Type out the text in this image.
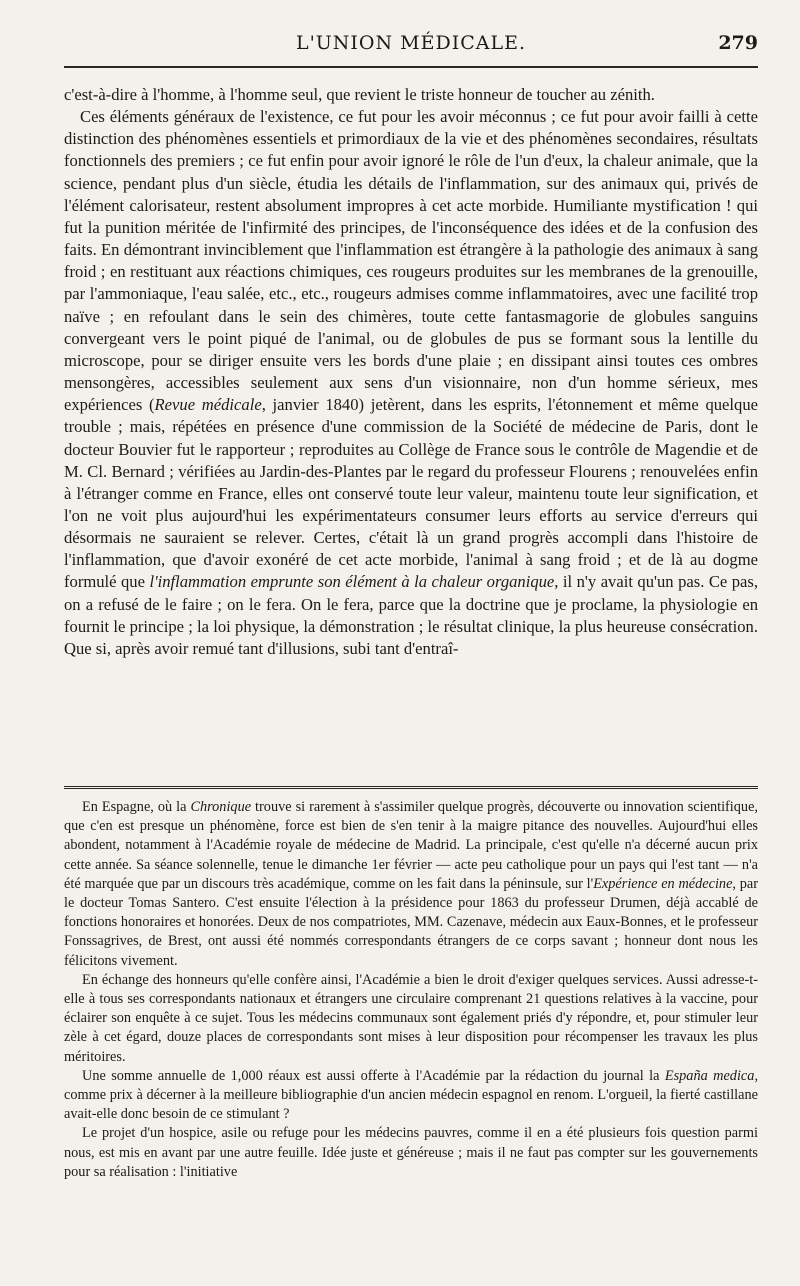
L'UNION MÉDICALE.	279

c'est-à-dire à l'homme, à l'homme seul, que revient le triste honneur de toucher au zénith.

Ces éléments généraux de l'existence, ce fut pour les avoir méconnus ; ce fut pour avoir failli à cette distinction des phénomènes essentiels et primordiaux de la vie et des phénomènes secondaires, résultats fonctionnels des premiers ; ce fut enfin pour avoir ignoré le rôle de l'un d'eux, la chaleur animale, que la science, pendant plus d'un siècle, étudia les détails de l'inflammation, sur des animaux qui, privés de l'élément calorisateur, restent absolument impropres à cet acte morbide. Humiliante mystification ! qui fut la punition méritée de l'infirmité des principes, de l'inconséquence des idées et de la confusion des faits. En démontrant invinciblement que l'inflammation est étrangère à la pathologie des animaux à sang froid ; en restituant aux réactions chimiques, ces rougeurs produites sur les membranes de la grenouille, par l'ammoniaque, l'eau salée, etc., etc., rougeurs admises comme inflammatoires, avec une facilité trop naïve ; en refoulant dans le sein des chimères, toute cette fantasmagorie de globules sanguins convergeant vers le point piqué de l'animal, ou de globules de pus se formant sous la lentille du microscope, pour se diriger ensuite vers les bords d'une plaie ; en dissipant ainsi toutes ces ombres mensongères, accessibles seulement aux sens d'un visionnaire, non d'un homme sérieux, mes expériences (Revue médicale, janvier 1840) jetèrent, dans les esprits, l'étonnement et même quelque trouble ; mais, répétées en présence d'une commission de la Société de médecine de Paris, dont le docteur Bouvier fut le rapporteur ; reproduites au Collège de France sous le contrôle de Magendie et de M. Cl. Bernard ; vérifiées au Jardin-des-Plantes par le regard du professeur Flourens ; renouvelées enfin à l'étranger comme en France, elles ont conservé toute leur valeur, maintenu toute leur signification, et l'on ne voit plus aujourd'hui les expérimentateurs consumer leurs efforts au service d'erreurs qui désormais ne sauraient se relever. Certes, c'était là un grand progrès accompli dans l'histoire de l'inflammation, que d'avoir exonéré de cet acte morbide, l'animal à sang froid ; et de là au dogme formulé que l'inflammation emprunte son élément à la chaleur organique, il n'y avait qu'un pas. Ce pas, on a refusé de le faire ; on le fera. On le fera, parce que la doctrine que je proclame, la physiologie en fournit le principe ; la loi physique, la démonstration ; le résultat clinique, la plus heureuse consécration. Que si, après avoir remué tant d'illusions, subi tant d'entraî-

En Espagne, où la Chronique trouve si rarement à s'assimiler quelque progrès, découverte ou innovation scientifique, que c'en est presque un phénomène, force est bien de s'en tenir à la maigre pitance des nouvelles. Aujourd'hui elles abondent, notamment à l'Académie royale de médecine de Madrid. La principale, c'est qu'elle n'a décerné aucun prix cette année. Sa séance solennelle, tenue le dimanche 1er février — acte peu catholique pour un pays qui l'est tant — n'a été marquée que par un discours très académique, comme on les fait dans la péninsule, sur l'Expérience en médecine, par le docteur Tomas Santero. C'est ensuite l'élection à la présidence pour 1863 du professeur Drumen, déjà accablé de fonctions honoraires et honorées. Deux de nos compatriotes, MM. Cazenave, médecin aux Eaux-Bonnes, et le professeur Fonssagrives, de Brest, ont aussi été nommés correspondants étrangers de ce corps savant ; honneur dont nous les félicitons vivement.

En échange des honneurs qu'elle confère ainsi, l'Académie a bien le droit d'exiger quelques services. Aussi adresse-t-elle à tous ses correspondants nationaux et étrangers une circulaire comprenant 21 questions relatives à la vaccine, pour éclairer son enquête à ce sujet. Tous les médecins communaux sont également priés d'y répondre, et, pour stimuler leur zèle à cet égard, douze places de correspondants sont mises à leur disposition pour récompenser les travaux les plus méritoires.

Une somme annuelle de 1,000 réaux est aussi offerte à l'Académie par la rédaction du journal la España medica, comme prix à décerner à la meilleure bibliographie d'un ancien médecin espagnol en renom. L'orgueil, la fierté castillane avait-elle donc besoin de ce stimulant ?

Le projet d'un hospice, asile ou refuge pour les médecins pauvres, comme il en a été plusieurs fois question parmi nous, est mis en avant par une autre feuille. Idée juste et généreuse ; mais il ne faut pas compter sur les gouvernements pour sa réalisation : l'initiative
